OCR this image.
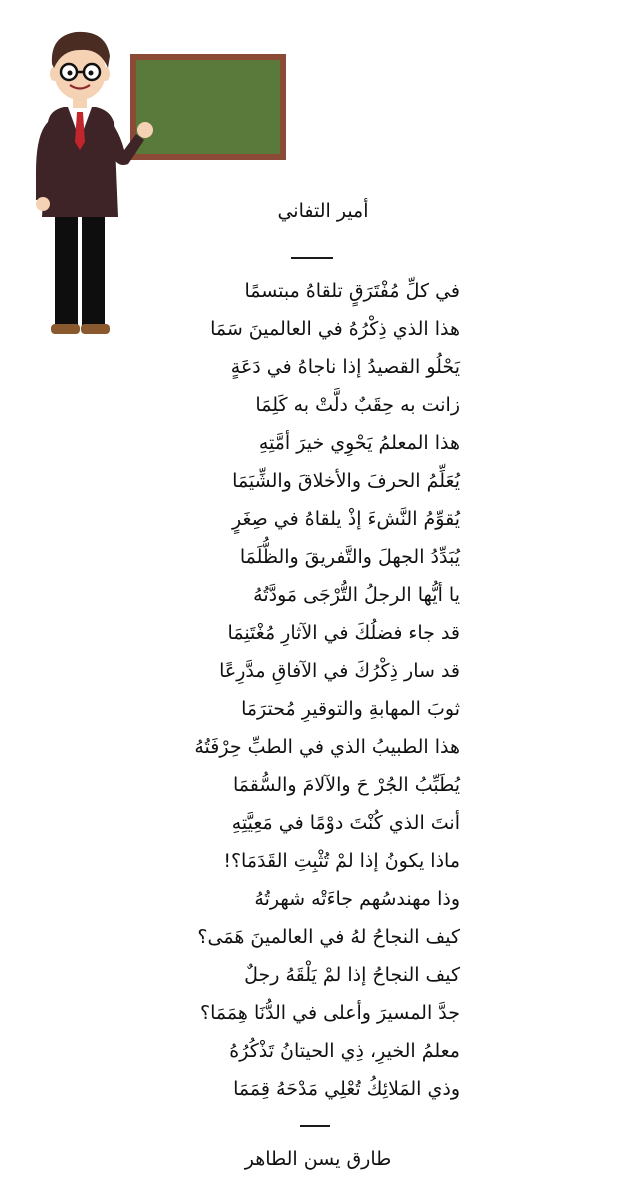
أمير التفاني
في كلِّ مُفْتَرَقٍ تلقاهُ مبتسمًا
هذا الذي ذِكْرُهُ في العالمينَ سَمَا
يَحْلُو القصيدُ إذا ناجاهُ في دَعَةٍ
زانت به حِقَبٌ دلَّتْ به كَلِمَا
هذا المعلمُ يَحْوِي خيرَ أمَّتِهِ
يُعَلِّمُ الحرفَ والأخلاقَ والشِّيَمَا
يُقوِّمُ النَّشءَ إذْ يلقاهُ في صِغَرٍ
يُبَدِّدُ الجهلَ والتَّفريقَ والظُّلَمَا
يا أيُّها الرجلُ التُّرْجَى مَودَّتُهُ
قد جاء فضلُكَ في الآثارِ مُغْتَنِمَا
قد سار ذِكْرُكَ في الآفاقِ مدَّرِعًا
ثوبَ المهابةِ والتوقيرِ مُحترَمَا
هذا الطبيبُ الذي في الطبِّ حِرْفَتُهُ
يُطَبِّبُ الجُرْ حَ والآلامَ والسُّقمَا
أنتَ الذي كُنْتَ دوْمًا في مَعِيَّتِهِ
ماذا يكونُ إذا لمْ تُثْبِتِ القَدَمَا؟!
وذا مهندسُهم جاءَتْه شهرتُهُ
كيف النجاحُ لهُ في العالمينَ هَمَى؟
كيف النجاحُ إذا لمْ يَلْقَهُ رجلٌ
جدَّ المسيرَ وأعلى في الدُّنَا هِمَمَا؟
معلمُ الخيرِ، ذِي الحيتانُ تَذْكُرُهُ
وذي المَلائِكُ تُعْلِي مَدْحَهُ قِمَمَا
طارق يسن الطاهر
